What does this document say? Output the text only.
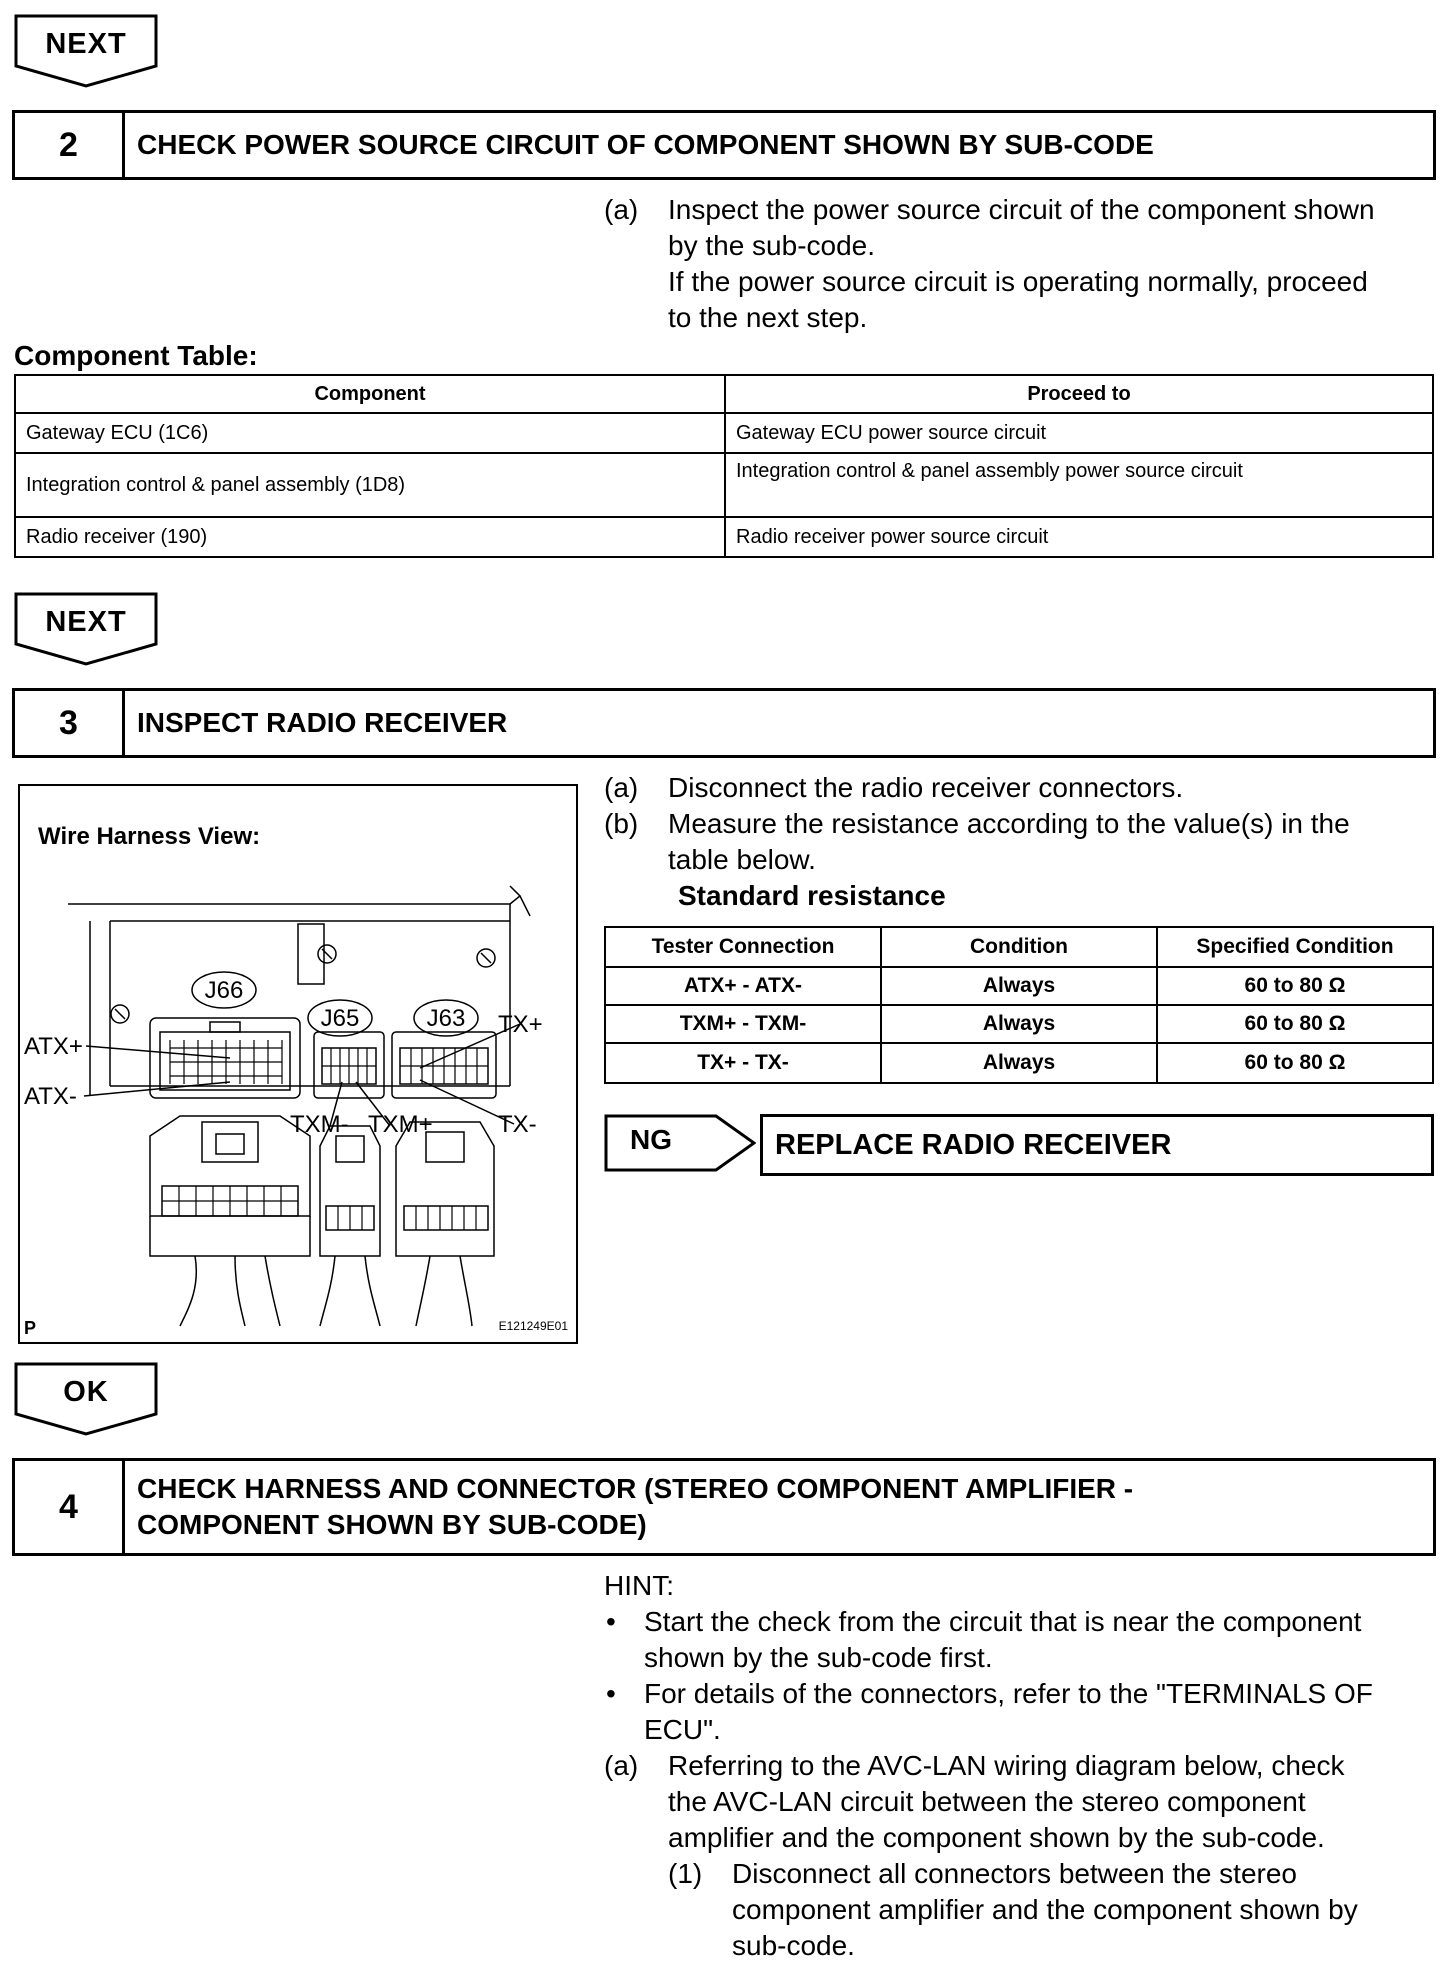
NEXT
2	CHECK POWER SOURCE CIRCUIT OF COMPONENT SHOWN BY SUB-CODE
(a)	Inspect the power source circuit of the component shown
by the sub-code.
If the power source circuit is operating normally, proceed
to the next step.
Component Table:
Component	Proceed to
Gateway ECU (1C6)	Gateway ECU power source circuit
Integration control & panel assembly (1D8)	Integration control & panel assembly power source circuit
Radio receiver (190)	Radio receiver power source circuit
NEXT
3	INSPECT RADIO RECEIVER
Wire Harness View:
J66
J65	J63
ATX+
ATX-
TX+
TX-
TXM- TXM+
P	E121249E01
(a)	Disconnect the radio receiver connectors.
(b)	Measure the resistance according to the value(s) in the
table below.
Standard resistance
Tester Connection	Condition	Specified Condition
ATX+ - ATX-	Always	60 to 80 Ω
TXM+ - TXM-	Always	60 to 80 Ω
TX+ - TX-	Always	60 to 80 Ω
NG	REPLACE RADIO RECEIVER
OK
4	CHECK HARNESS AND CONNECTOR (STEREO COMPONENT AMPLIFIER -
COMPONENT SHOWN BY SUB-CODE)
HINT:
•	Start the check from the circuit that is near the component
shown by the sub-code first.
•	For details of the connectors, refer to the "TERMINALS OF
ECU".
(a)	Referring to the AVC-LAN wiring diagram below, check
the AVC-LAN circuit between the stereo component
amplifier and the component shown by the sub-code.
(1)	Disconnect all connectors between the stereo
component amplifier and the component shown by
sub-code.
